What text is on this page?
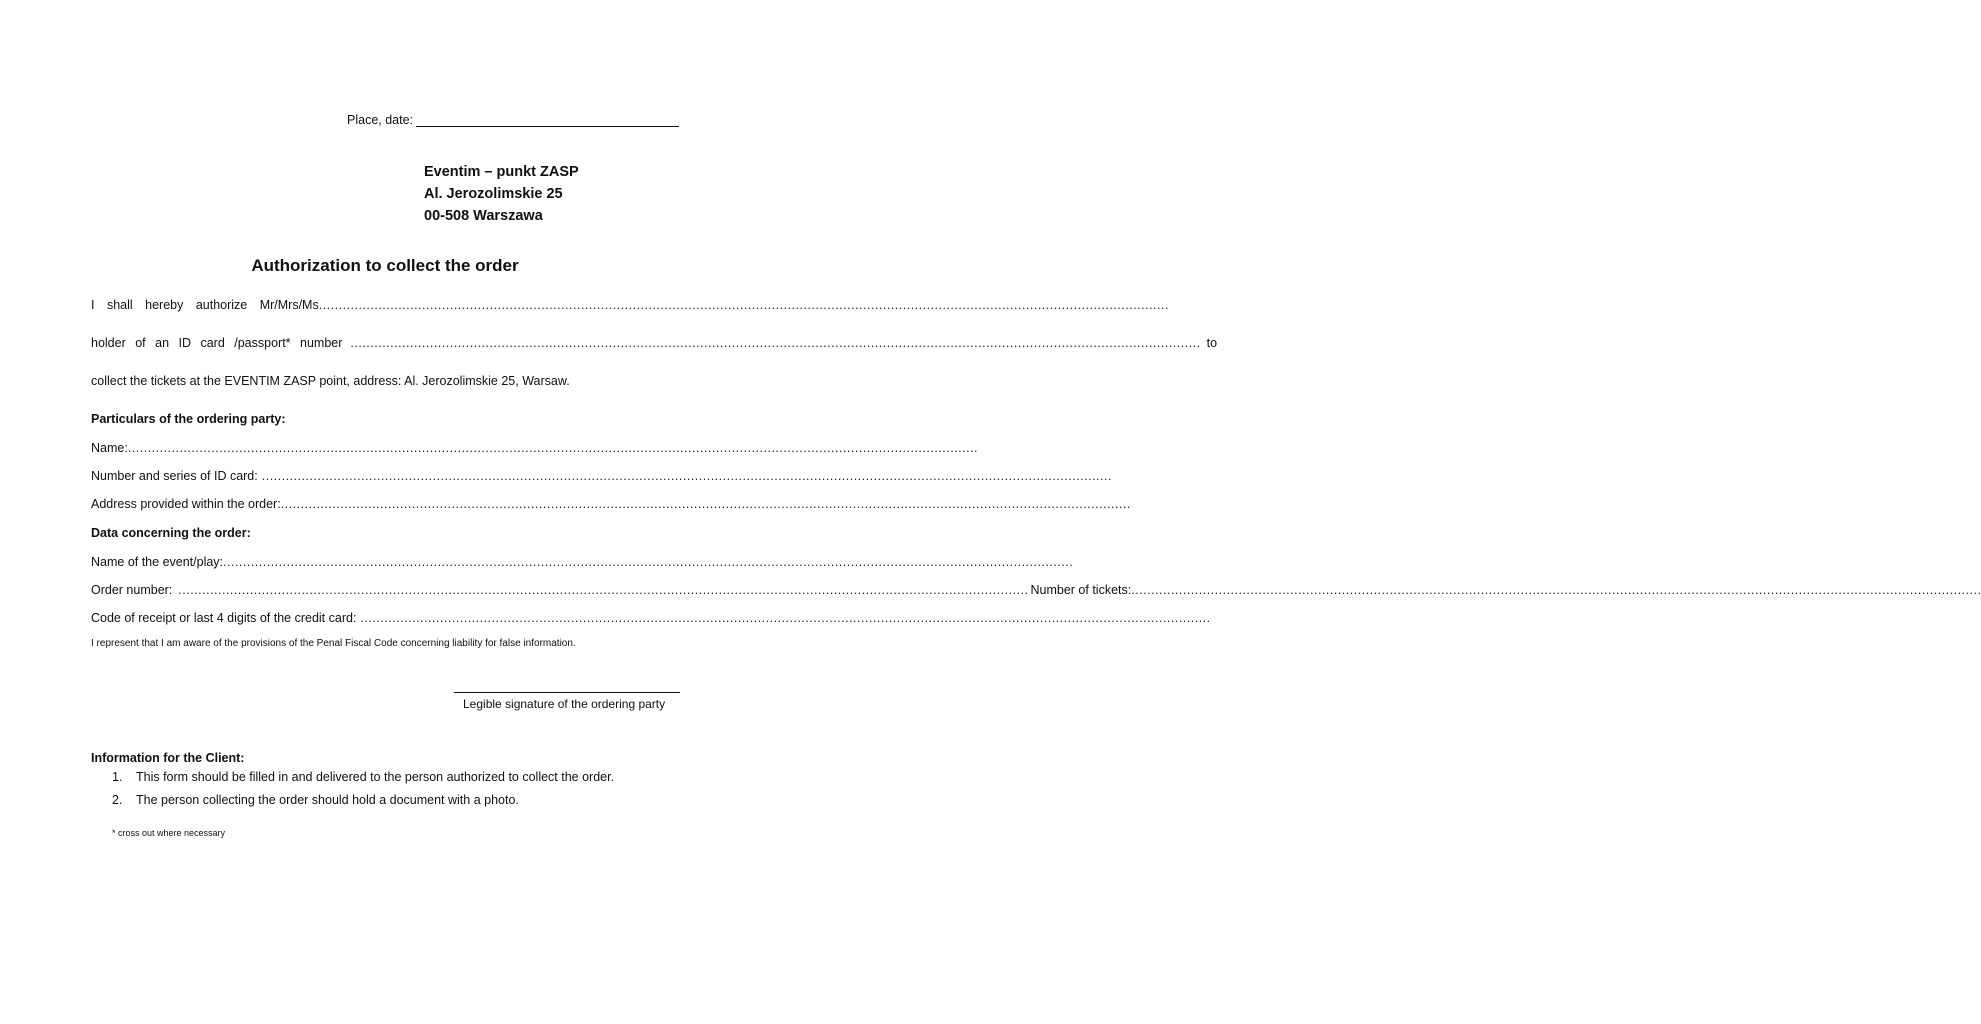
Place, date:
Eventim – punkt ZASP
Al. Jerozolimskie 25
00-508 Warszawa
Authorization to collect the order
I shall hereby authorize Mr/Mrs/Ms ......................................................................................................................................................................................................................
holder of an ID card /passport* number ...................................................................................................................................................................................................................... to
collect the tickets at the EVENTIM ZASP point, address: Al. Jerozolimskie 25, Warsaw.
Particulars of the ordering party:
Name: ......................................................................................................................................................................................................................
Number and series of ID card: ......................................................................................................................................................................................................................
Address provided within the order: ......................................................................................................................................................................................................................
Data concerning the order:
Name of the event/play: ......................................................................................................................................................................................................................
Order number: ...................................................................................................................................................................................................................... Number of tickets: ......................................................................................................................................................................................................................
Code of receipt or last 4 digits of the credit card: ......................................................................................................................................................................................................................
I represent that I am aware of the provisions of the Penal Fiscal Code concerning liability for false information.
Legible signature of the ordering party
Information for the Client:
1. This form should be filled in and delivered to the person authorized to collect the order.
2. The person collecting the order should hold a document with a photo.
* cross out where necessary
